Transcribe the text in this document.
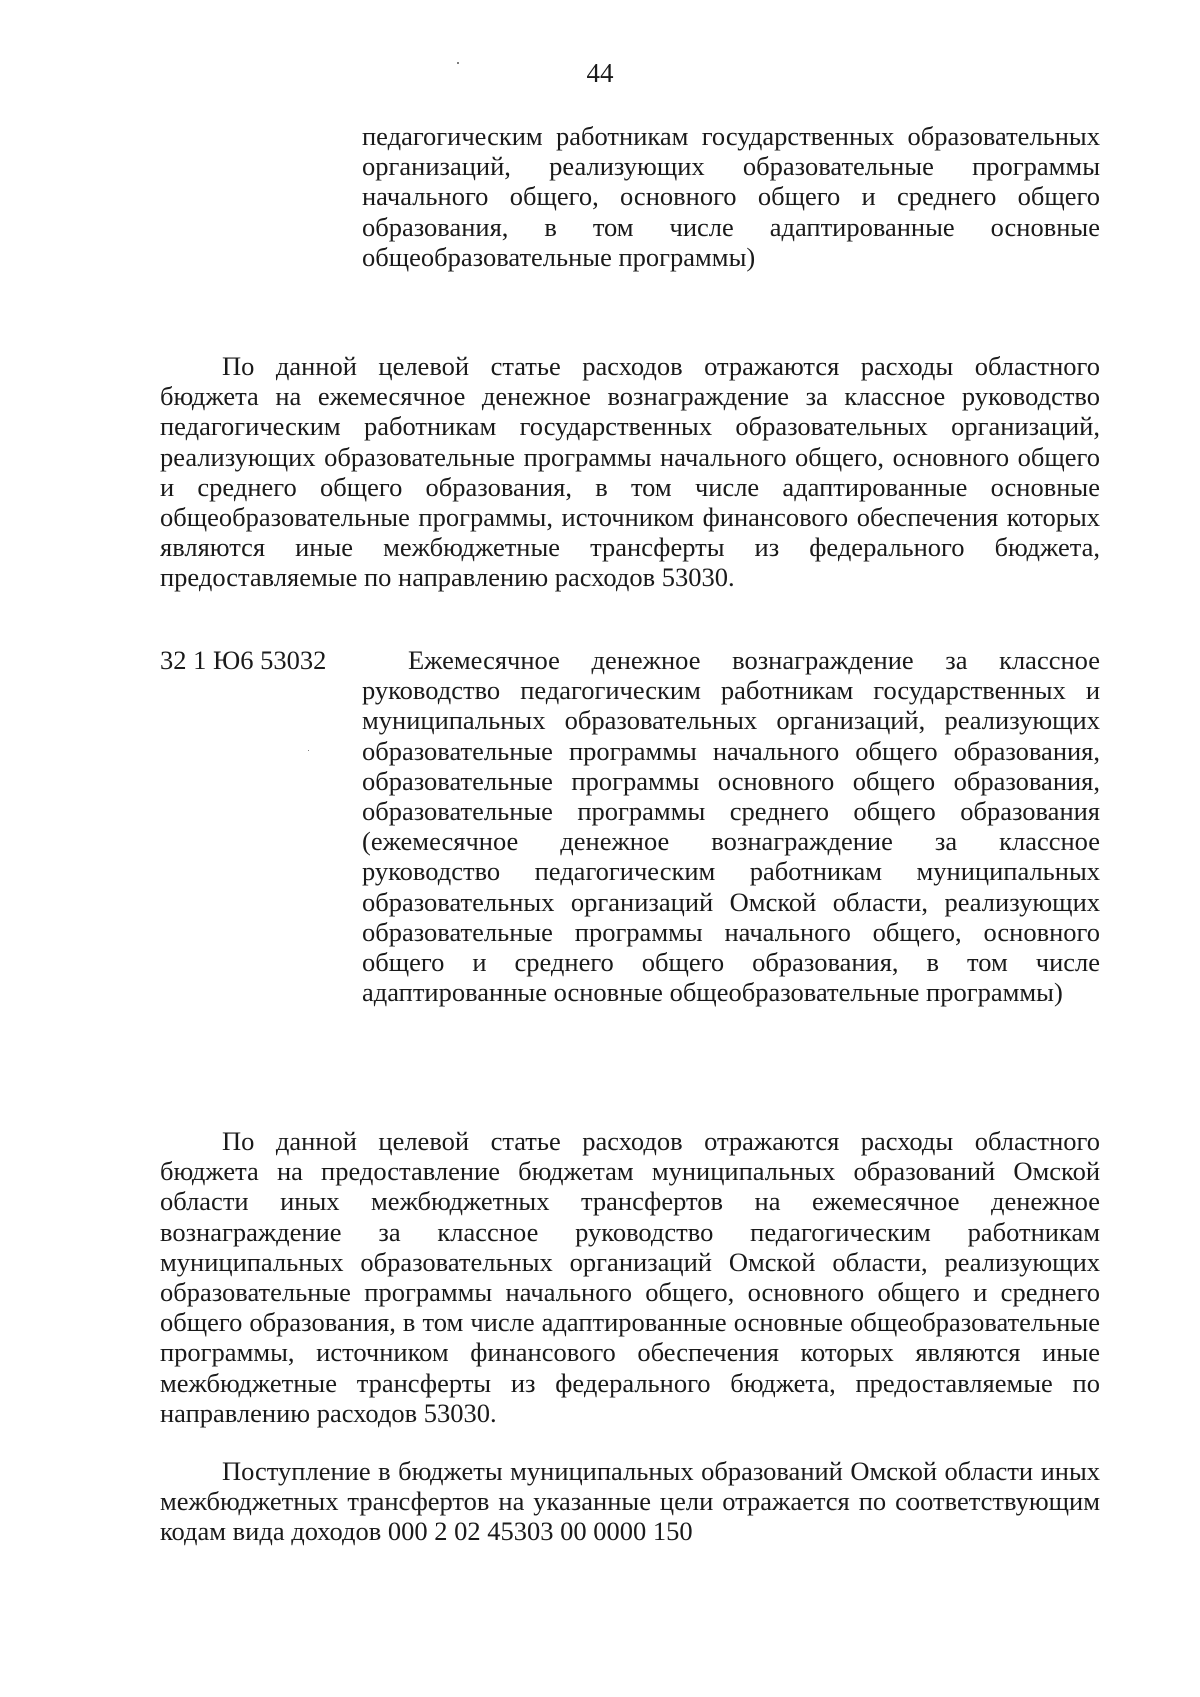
44

педагогическим работникам государственных образовательных организаций, реализующих образовательные программы начального общего, основного общего и среднего общего образования, в том числе адаптированные основные общеобразовательные программы)

По данной целевой статье расходов отражаются расходы областного бюджета на ежемесячное денежное вознаграждение за классное руководство педагогическим работникам государственных образовательных организаций, реализующих образовательные программы начального общего, основного общего и среднего общего образования, в том числе адаптированные основные общеобразовательные программы, источником финансового обеспечения которых являются иные межбюджетные трансферты из федерального бюджета, предоставляемые по направлению расходов 53030.

32 1 Ю6 53032	Ежемесячное денежное вознаграждение за классное руководство педагогическим работникам государственных и муниципальных образовательных организаций, реализующих образовательные программы начального общего образования, образовательные программы основного общего образования, образовательные программы среднего общего образования (ежемесячное денежное вознаграждение за классное руководство педагогическим работникам муниципальных образовательных организаций Омской области, реализующих образовательные программы начального общего, основного общего и среднего общего образования, в том числе адаптированные основные общеобразовательные программы)

По данной целевой статье расходов отражаются расходы областного бюджета на предоставление бюджетам муниципальных образований Омской области иных межбюджетных трансфертов на ежемесячное денежное вознаграждение за классное руководство педагогическим работникам муниципальных образовательных организаций Омской области, реализующих образовательные программы начального общего, основного общего и среднего общего образования, в том числе адаптированные основные общеобразовательные программы, источником финансового обеспечения которых являются иные межбюджетные трансферты из федерального бюджета, предоставляемые по направлению расходов 53030.

Поступление в бюджеты муниципальных образований Омской области иных межбюджетных трансфертов на указанные цели отражается по соответствующим кодам вида доходов 000 2 02 45303 00 0000 150
